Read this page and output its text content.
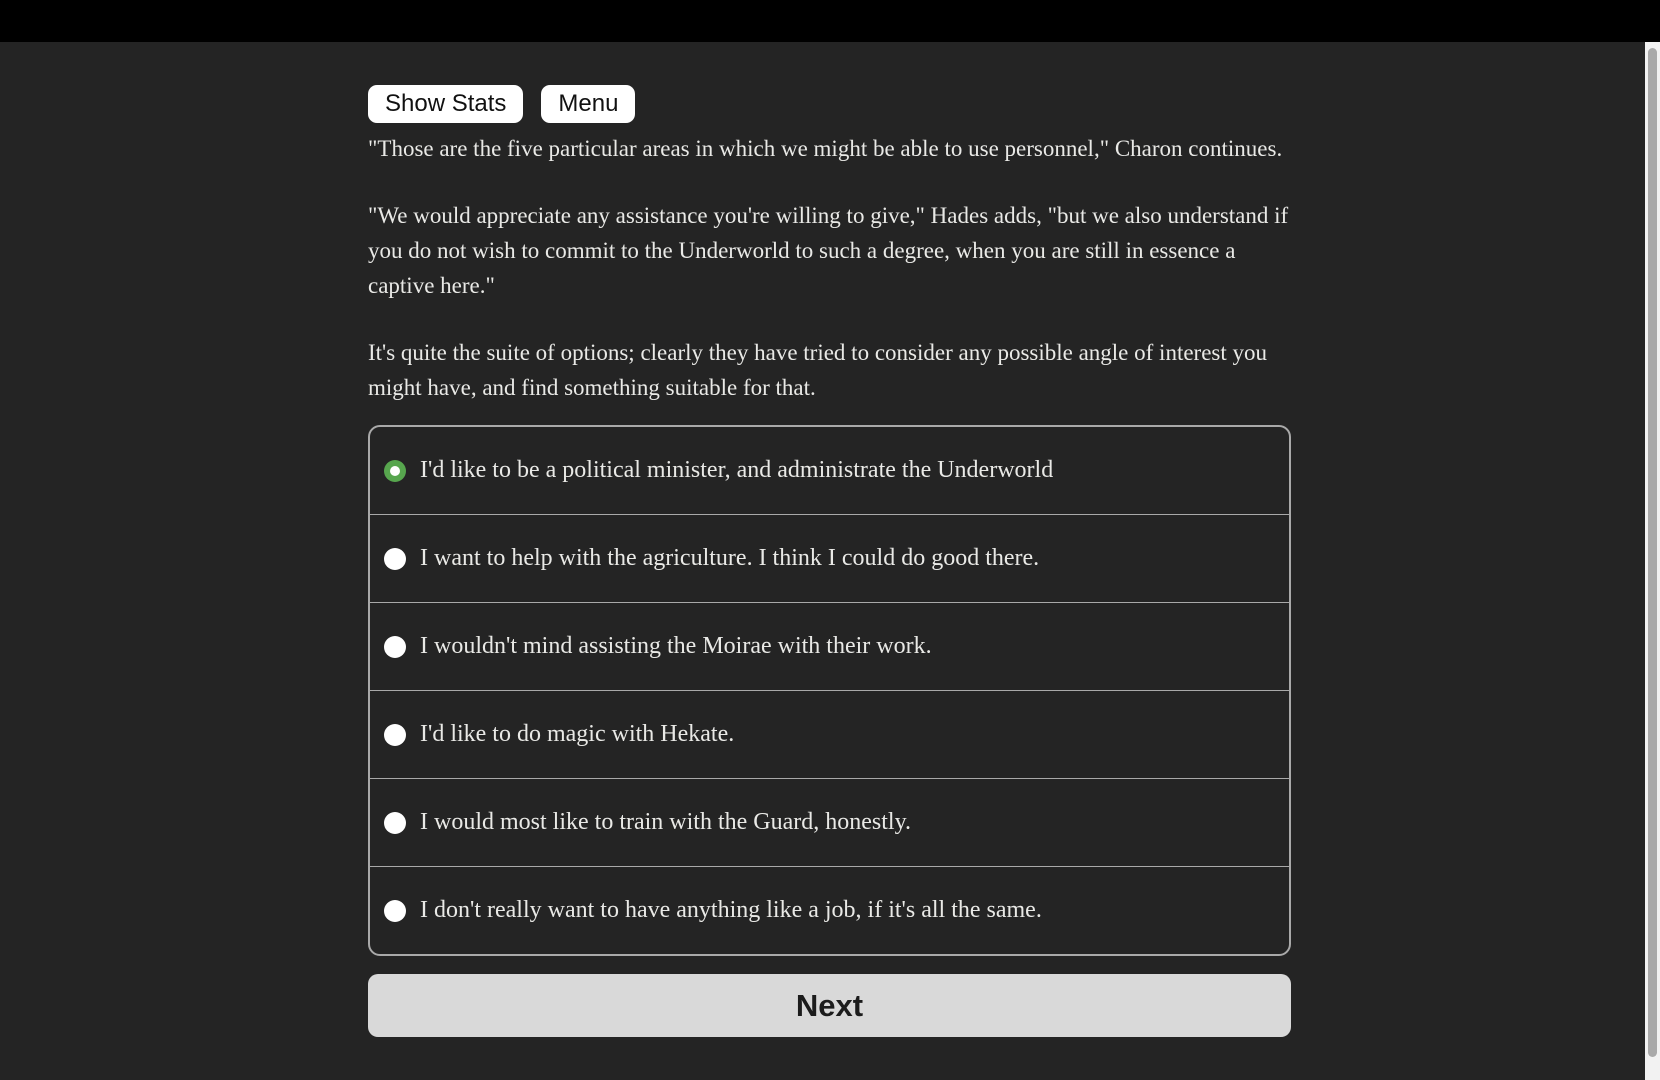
Show Stats	Menu

"Those are the five particular areas in which we might be able to use personnel," Charon continues.

"We would appreciate any assistance you're willing to give," Hades adds, "but we also understand if you do not wish to commit to the Underworld to such a degree, when you are still in essence a captive here."

It's quite the suite of options; clearly they have tried to consider any possible angle of interest you might have, and find something suitable for that.

I'd like to be a political minister, and administrate the Underworld
I want to help with the agriculture. I think I could do good there.
I wouldn't mind assisting the Moirae with their work.
I'd like to do magic with Hekate.
I would most like to train with the Guard, honestly.
I don't really want to have anything like a job, if it's all the same.
Next
